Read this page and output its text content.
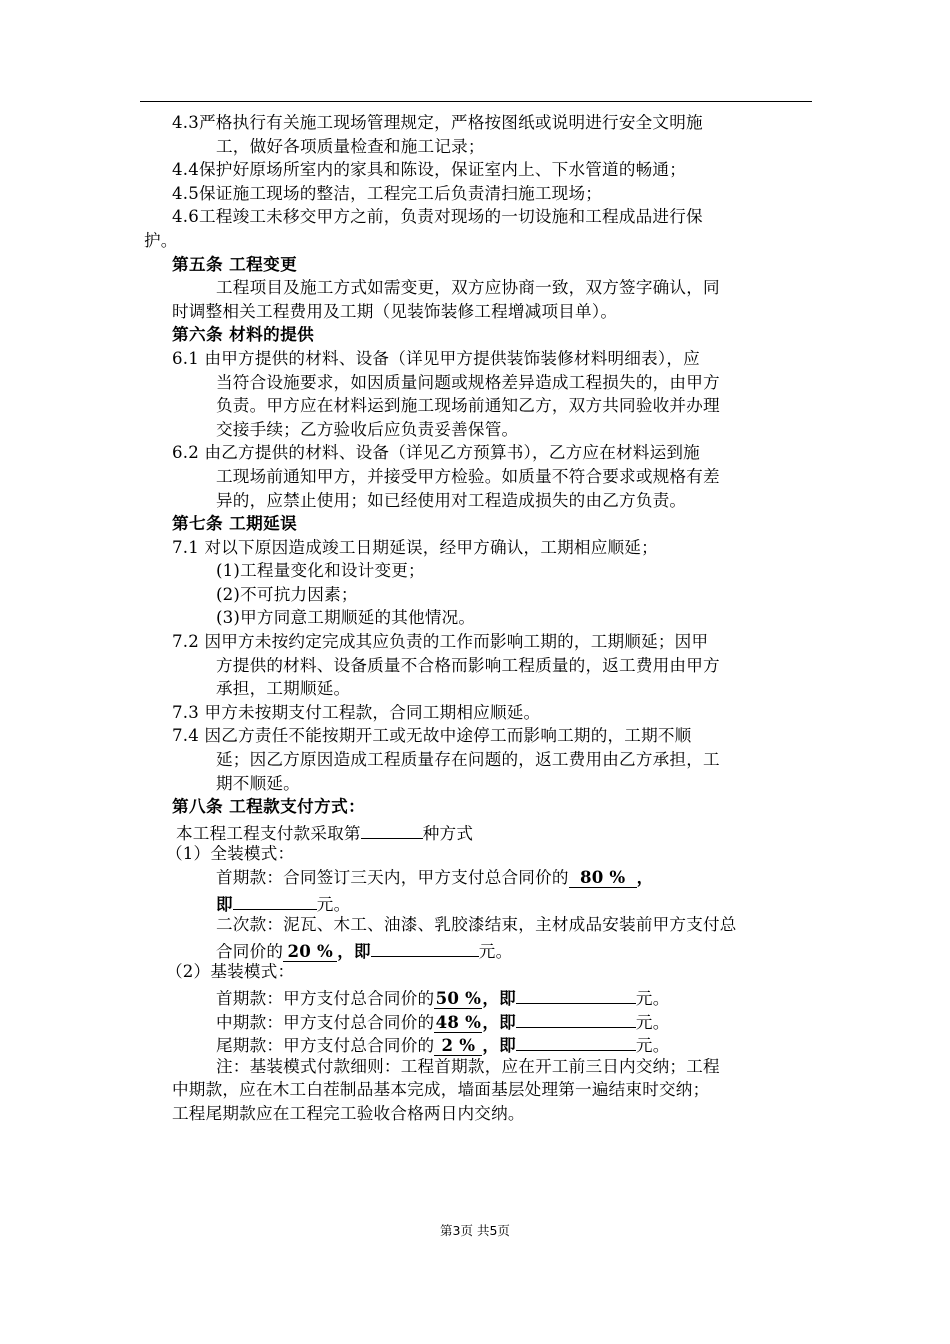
4.3严格执行有关施工现场管理规定，严格按图纸或说明进行安全文明施
工，做好各项质量检查和施工记录；
4.4保护好原场所室内的家具和陈设，保证室内上、下水管道的畅通；
4.5保证施工现场的整洁，工程完工后负责清扫施工现场；
4.6工程竣工未移交甲方之前，负责对现场的一切设施和工程成品进行保
护。
第五条 工程变更
工程项目及施工方式如需变更，双方应协商一致，双方签字确认，同
时调整相关工程费用及工期（见装饰装修工程增减项目单）。
第六条 材料的提供
6.1 由甲方提供的材料、设备（详见甲方提供装饰装修材料明细表），应
当符合设施要求，如因质量问题或规格差异造成工程损失的，由甲方
负责。甲方应在材料运到施工现场前通知乙方，双方共同验收并办理
交接手续；乙方验收后应负责妥善保管。
6.2 由乙方提供的材料、设备（详见乙方预算书），乙方应在材料运到施
工现场前通知甲方，并接受甲方检验。如质量不符合要求或规格有差
异的，应禁止使用；如已经使用对工程造成损失的由乙方负责。
第七条 工期延误
7.1 对以下原因造成竣工日期延误，经甲方确认，工期相应顺延；
(1)工程量变化和设计变更；
(2)不可抗力因素；
(3)甲方同意工期顺延的其他情况。
7.2 因甲方未按约定完成其应负责的工作而影响工期的，工期顺延；因甲
方提供的材料、设备质量不合格而影响工程质量的，返工费用由甲方
承担，工期顺延。
7.3 甲方未按期支付工程款，合同工期相应顺延。
7.4 因乙方责任不能按期开工或无故中途停工而影响工期的，工期不顺
延；因乙方原因造成工程质量存在问题的，返工费用由乙方承担，工
期不顺延。
第八条 工程款支付方式：
本工程工程支付款采取第	种方式
（1）全装模式：
首期款：合同签订三天内，甲方支付总合同价的 80 % ，
即	元。
二次款：泥瓦、木工、油漆、乳胶漆结束，主材成品安装前甲方支付总
合同价的 20 % ，即	元。
（2）基装模式：
首期款：甲方支付总合同价的50 %，即	元。
中期款：甲方支付总合同价的48 %，即	元。
尾期款：甲方支付总合同价的 2 % ，即	元。
注：基装模式付款细则：工程首期款，应在开工前三日内交纳；工程
中期款，应在木工白茬制品基本完成，墙面基层处理第一遍结束时交纳；
工程尾期款应在工程完工验收合格两日内交纳。
第3页 共5页
